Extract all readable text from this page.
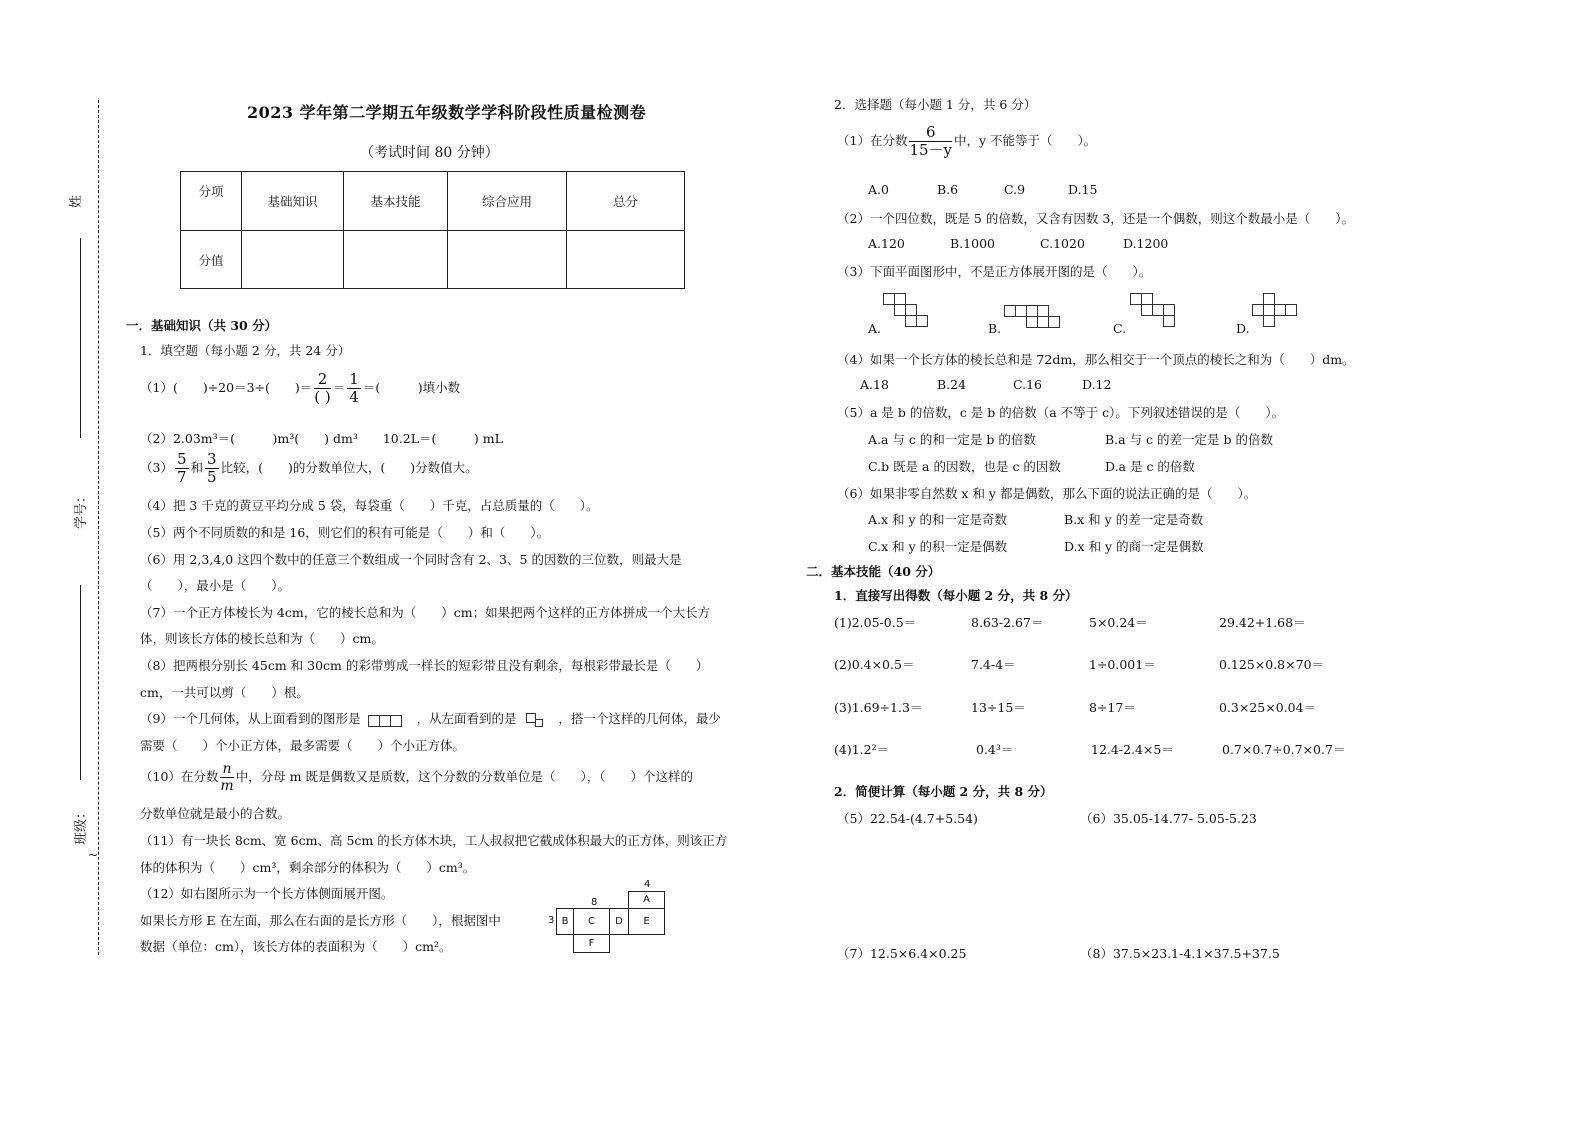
姓
学号：
班级：
~
2023 学年第二学期五年级数学学科阶段性质量检测卷
（考试时间 80 分钟）
分项	基础知识	基本技能	综合应用	总分
分值				
一．基础知识（共 30 分）
1．填空题（每小题 2 分，共 24 分）
（1）(　　)÷20＝3÷(　　)＝ $\frac{2}{( )} = \frac{1}{4}$ ＝(　　　)填小数
（2）2.03m³＝(　　　)m³(　　) dm³　　10.2L＝(　　　) mL
$(3) \frac{5}{7}$ 和 $\frac{3}{5}$ 比较，(　　)的分数单位大，(　　)分数值大。
（4）把 3 千克的黄豆平均分成 5 袋，每袋重（　　）千克，占总质量的（　　）。
（5）两个不同质数的和是 16，则它们的积有可能是（　　）和（　　）。
（6）用 2,3,4,0 这四个数中的任意三个数组成一个同时含有 2、3、5 的因数的三位数，则最大是
（　　），最小是（　　）。
（7）一个正方体棱长为 4cm，它的棱长总和为（　　）cm；如果把两个这样的正方体拼成一个大长方
体，则该长方体的棱长总和为（　　）cm。
（8）把两根分别长 45cm 和 30cm 的彩带剪成一样长的短彩带且没有剩余，每根彩带最长是（　　）
cm，一共可以剪（　　）根。
（9）一个几何体，从上面看到的图形是	，从左面看到的是	，搭一个这样的几何体，最少
需要（　　）个小正方体，最多需要（　　）个小正方体。
（10）在分数 $\frac{n}{m}$ 中，分母 m 既是偶数又是质数，这个分数的分数单位是（　　），（　　）个这样的
分数单位就是最小的合数。
（11）有一块长 8cm、宽 6cm、高 5cm 的长方体木块，工人叔叔把它截成体积最大的正方体，则该正方
体的体积为（　　）cm³，剩余部分的体积为（　　）cm³。
（12）如右图所示为一个长方体侧面展开图。
如果长方形 E 在左面，那么在右面的是长方形（　　），根据图中
数据（单位：cm），该长方体的表面积为（　　）cm²。
4
8
3
A
B	C	D	E
F
2．选择题（每小题 1 分，共 6 分）
（1）在分数 $\frac{6}{15-y}$ 中，y 不能等于（　　）。
A.0	B.6	C.9	D.15
（2）一个四位数，既是 5 的倍数，又含有因数 3，还是一个偶数，则这个数最小是（　　）。
A.120	B.1000	C.1020	D.1200
（3）下面平面图形中，不是正方体展开图的是（　　）。
A.	B.	C.	D.
（4）如果一个长方体的棱长总和是 72dm，那么相交于一个顶点的棱长之和为（　　）dm。
A.18	B.24	C.16	D.12
（5）a 是 b 的倍数，c 是 b 的倍数（a 不等于 c）。下列叙述错误的是（　　）。
A.a 与 c 的和一定是 b 的倍数	B.a 与 c 的差一定是 b 的倍数
C.b 既是 a 的因数，也是 c 的因数	D.a 是 c 的倍数
（6）如果非零自然数 x 和 y 都是偶数，那么下面的说法正确的是（　　）。
A.x 和 y 的和一定是奇数	B.x 和 y 的差一定是奇数
C.x 和 y 的积一定是偶数	D.x 和 y 的商一定是偶数
二．基本技能（40 分）
1．直接写出得数（每小题 2 分，共 8 分）
(1)2.05-0.5＝	8.63-2.67＝	5×0.24＝	29.42+1.68＝
(2)0.4×0.5＝	7.4-4＝	1÷0.001＝	0.125×0.8×70＝
(3)1.69÷1.3＝	13÷15＝	8÷17＝	0.3×25×0.04＝
(4)1.2²＝	0.4³＝	12.4-2.4×5＝	0.7×0.7÷0.7×0.7＝
2．简便计算（每小题 2 分，共 8 分）
（5）22.54-(4.7+5.54)	（6）35.05-14.77- 5.05-5.23
（7）12.5×6.4×0.25	（8）37.5×23.1-4.1×37.5+37.5
